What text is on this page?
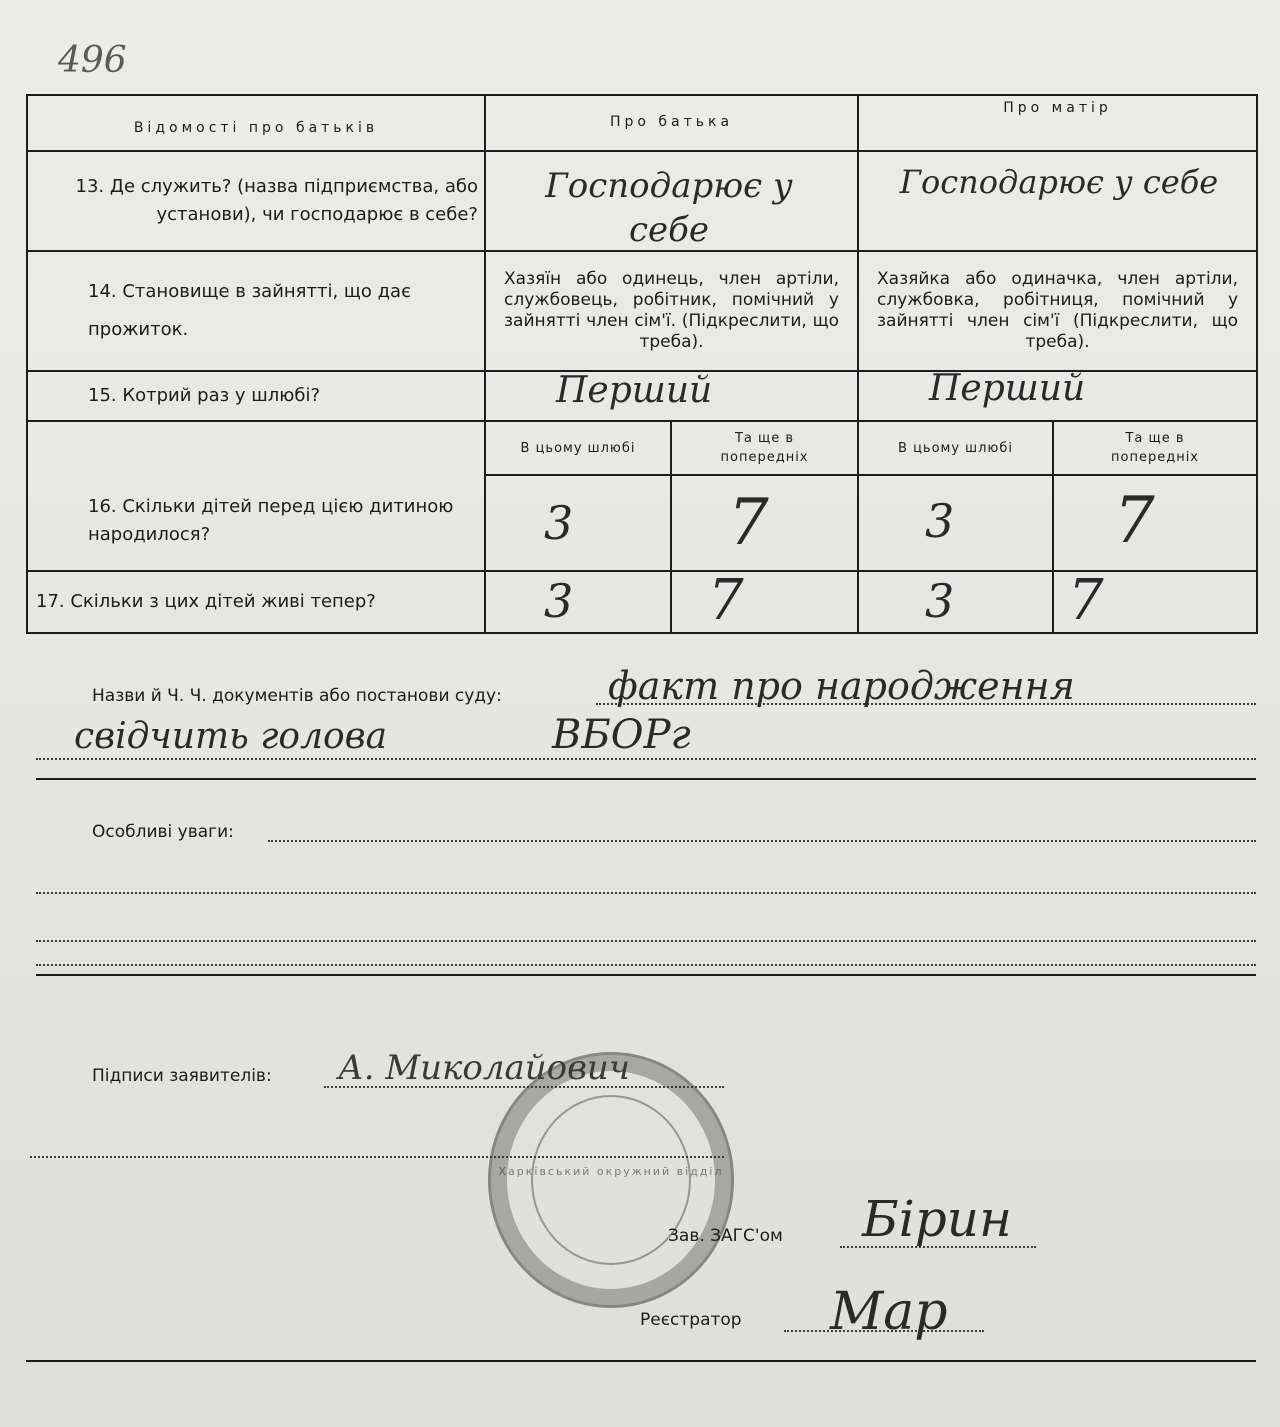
496
Відомості про батьків	Про батька		Про матір	
13. Де служить? (назва підприємства, або установи), чи господарює в себе?	Господарює у себе		Господарює у себе	

14. Становище в зайнятті, що дає прожиток.	Хазяїн або одинець, член артіли, службовець, робітник, помічний у зайнятті член сім'ї. (Підкреслити, що треба).		Хазяйка або одиначка, член артіли, службовка, робітниця, помічний у зайнятті член сім'ї (Підкреслити, що треба).	
15. Котрий раз у шлюбі?	Перший		Перший	

16. Скільки дітей перед цією дитиною народилося?	В цьому шлюбі	Та ще в попередніх	В цьому шлюбі	Та ще в попередніх

	3	7	3	7

17. Скільки з цих дітей живі тепер?	3	7	3	7
Назви й Ч. Ч. документів або постанови суду:	факт про народження
свідчить голова	ВБОРг
Особливі уваги:
Підписи заявителів: А. Миколайович
Харківський окружний відділ
Зав. ЗАГС'ом Бірин
Реєстратор Мар
